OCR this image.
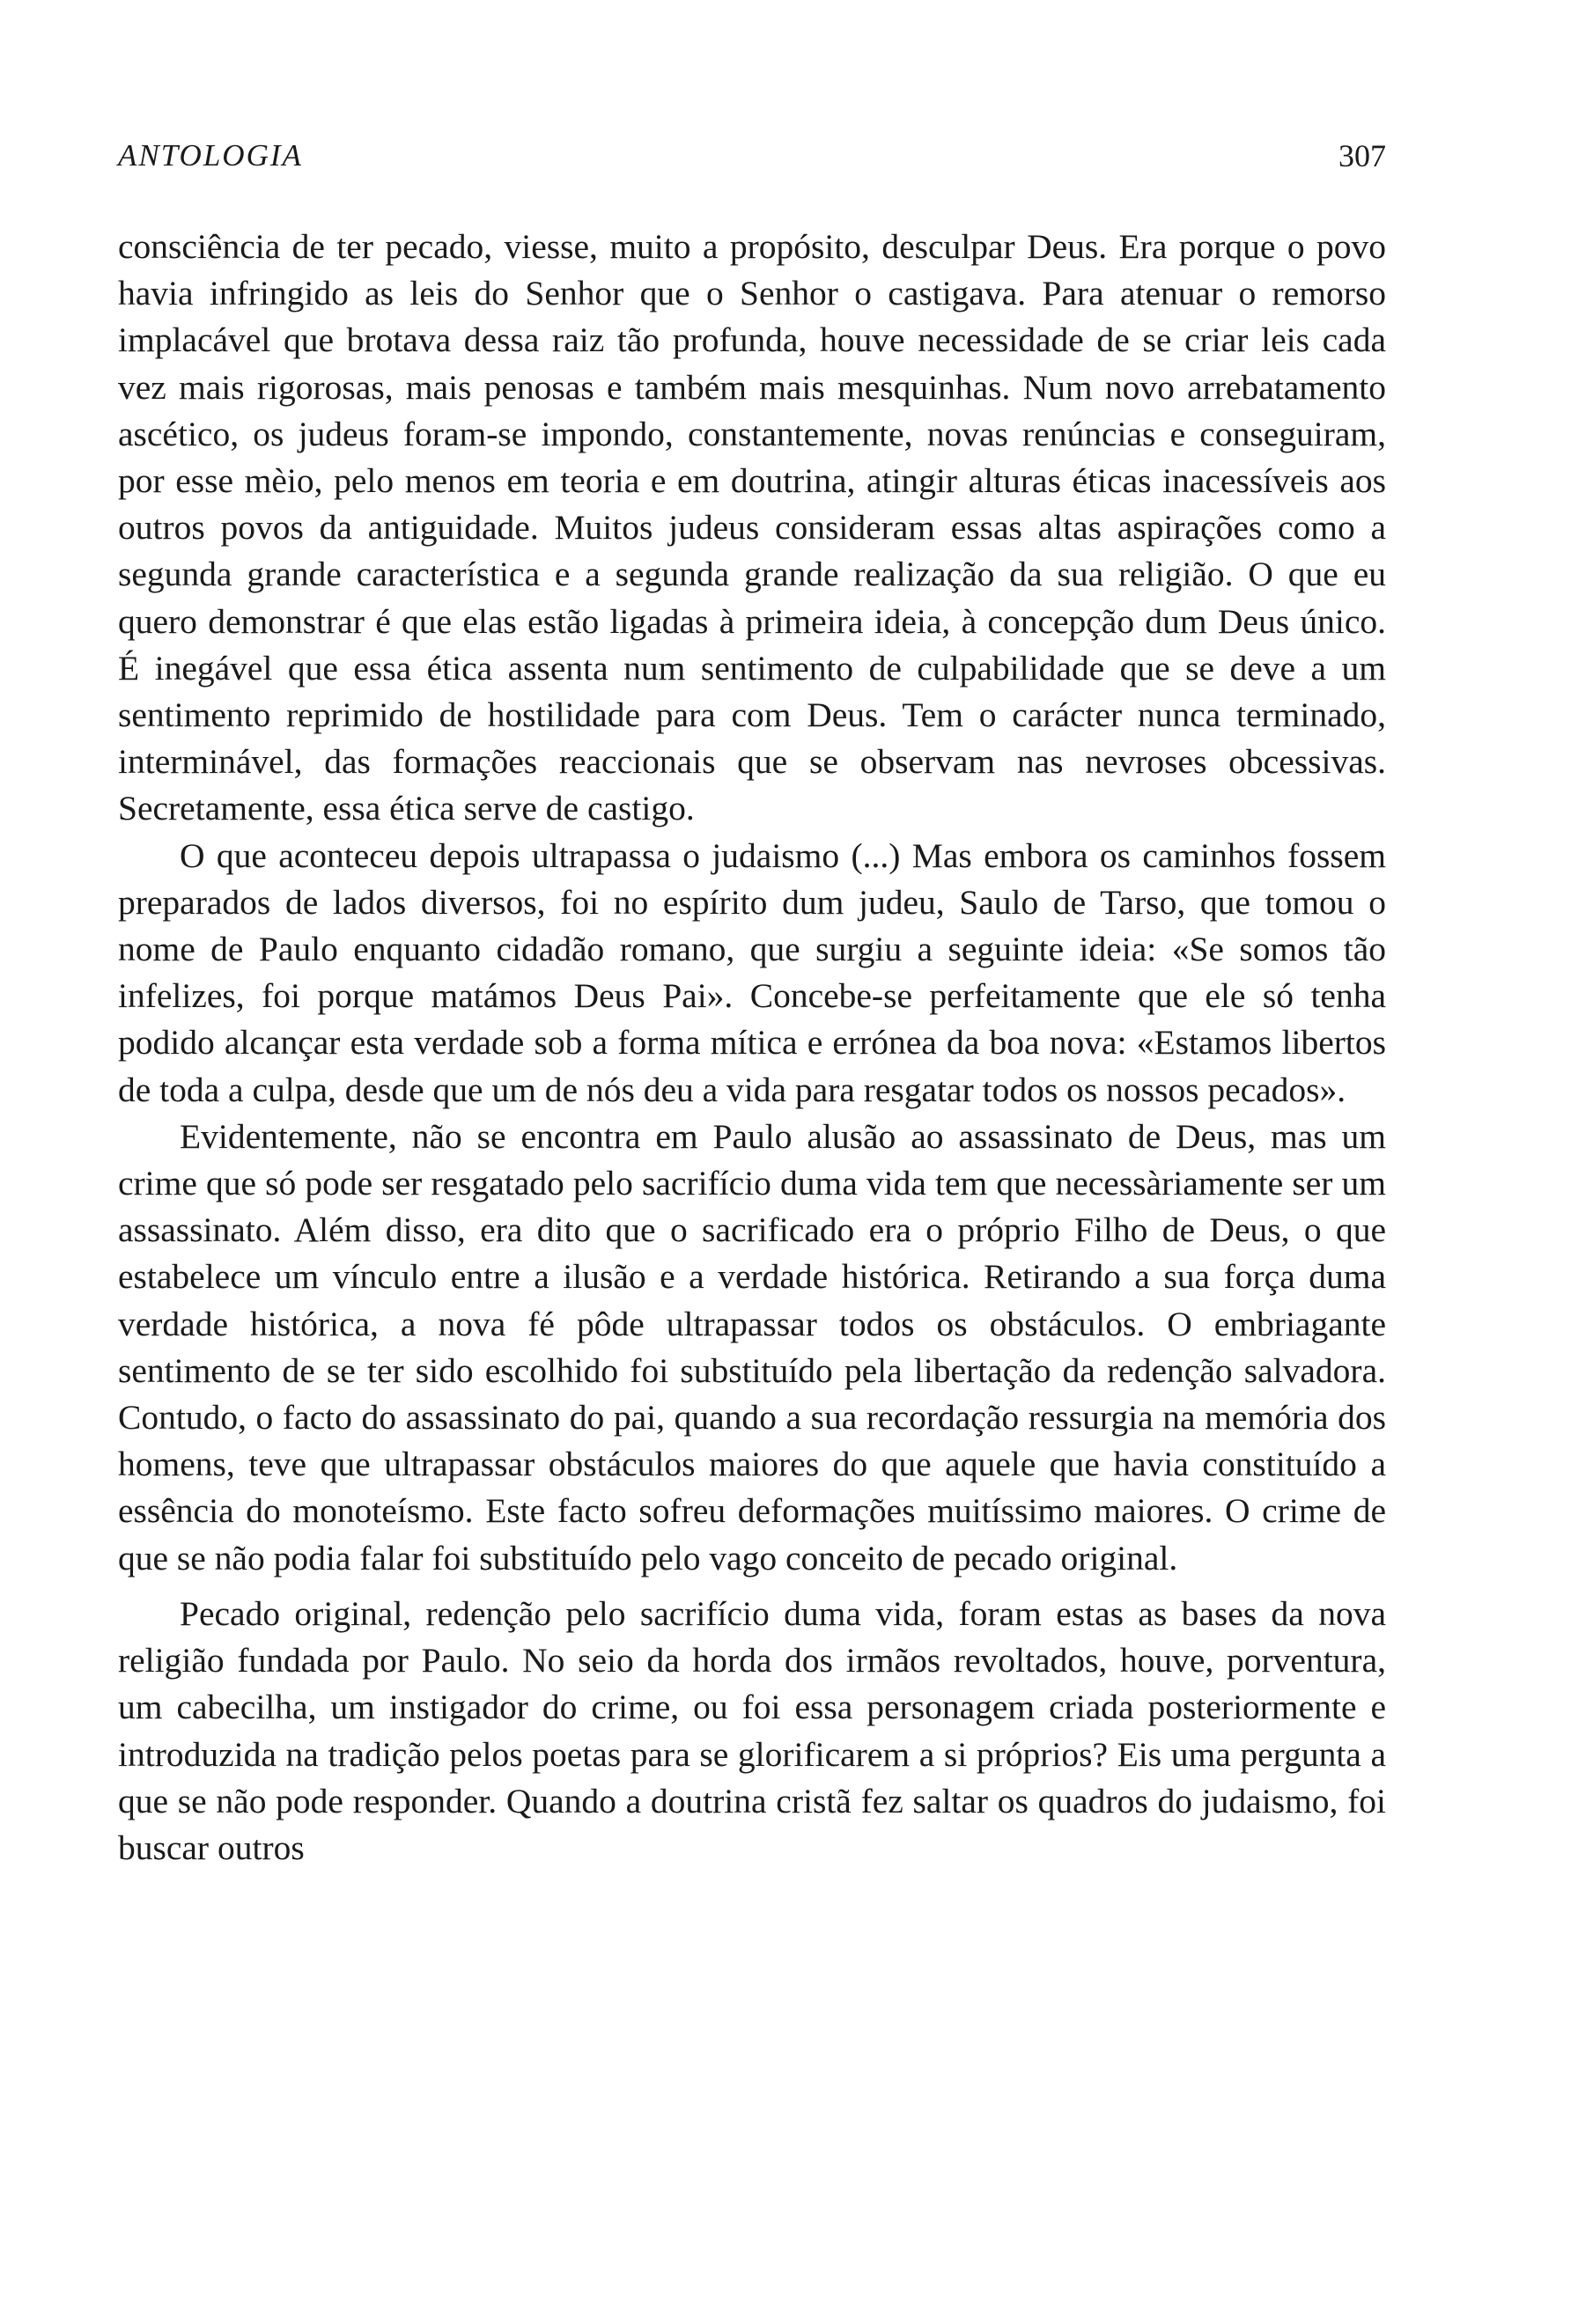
ANTOLOGIA	307

consciência de ter pecado, viesse, muito a propósito, desculpar Deus. Era porque o povo havia infringido as leis do Senhor que o Senhor o castigava. Para atenuar o remorso implacável que brotava dessa raiz tão profunda, houve necessidade de se criar leis cada vez mais rigorosas, mais penosas e também mais mesquinhas. Num novo arrebatamento ascético, os judeus foram-se impondo, constantemente, novas renúncias e conseguiram, por esse mèio, pelo menos em teoria e em doutrina, atingir alturas éticas inacessíveis aos outros povos da antiguidade. Muitos judeus consideram essas altas aspirações como a segunda grande característica e a segunda grande realização da sua religião. O que eu quero demonstrar é que elas estão ligadas à primeira ideia, à concepção dum Deus único. É inegável que essa ética assenta num sentimento de culpabilidade que se deve a um sentimento reprimido de hostilidade para com Deus. Tem o carácter nunca terminado, interminável, das formações reaccionais que se observam nas nevroses obcessivas. Secretamente, essa ética serve de castigo.

O que aconteceu depois ultrapassa o judaismo (...) Mas embora os caminhos fossem preparados de lados diversos, foi no espírito dum judeu, Saulo de Tarso, que tomou o nome de Paulo enquanto cidadão romano, que surgiu a seguinte ideia: «Se somos tão infelizes, foi porque matámos Deus Pai». Concebe-se perfeitamente que ele só tenha podido alcançar esta verdade sob a forma mítica e errónea da boa nova: «Estamos libertos de toda a culpa, desde que um de nós deu a vida para resgatar todos os nossos pecados».

Evidentemente, não se encontra em Paulo alusão ao assassinato de Deus, mas um crime que só pode ser resgatado pelo sacrifício duma vida tem que necessàriamente ser um assassinato. Além disso, era dito que o sacrificado era o próprio Filho de Deus, o que estabelece um vínculo entre a ilusão e a verdade histórica. Retirando a sua força duma verdade histórica, a nova fé pôde ultrapassar todos os obstáculos. O embriagante sentimento de se ter sido escolhido foi substituído pela libertação da redenção salvadora. Contudo, o facto do assassinato do pai, quando a sua recordação ressurgia na memória dos homens, teve que ultrapassar obstáculos maiores do que aquele que havia constituído a essência do monoteísmo. Este facto sofreu deformações muitíssimo maiores. O crime de que se não podia falar foi substituído pelo vago conceito de pecado original.

Pecado original, redenção pelo sacrifício duma vida, foram estas as bases da nova religião fundada por Paulo. No seio da horda dos irmãos revoltados, houve, porventura, um cabecilha, um instigador do crime, ou foi essa personagem criada posteriormente e introduzida na tradição pelos poetas para se glorificarem a si próprios? Eis uma pergunta a que se não pode responder. Quando a doutrina cristã fez saltar os quadros do judaismo, foi buscar outros
